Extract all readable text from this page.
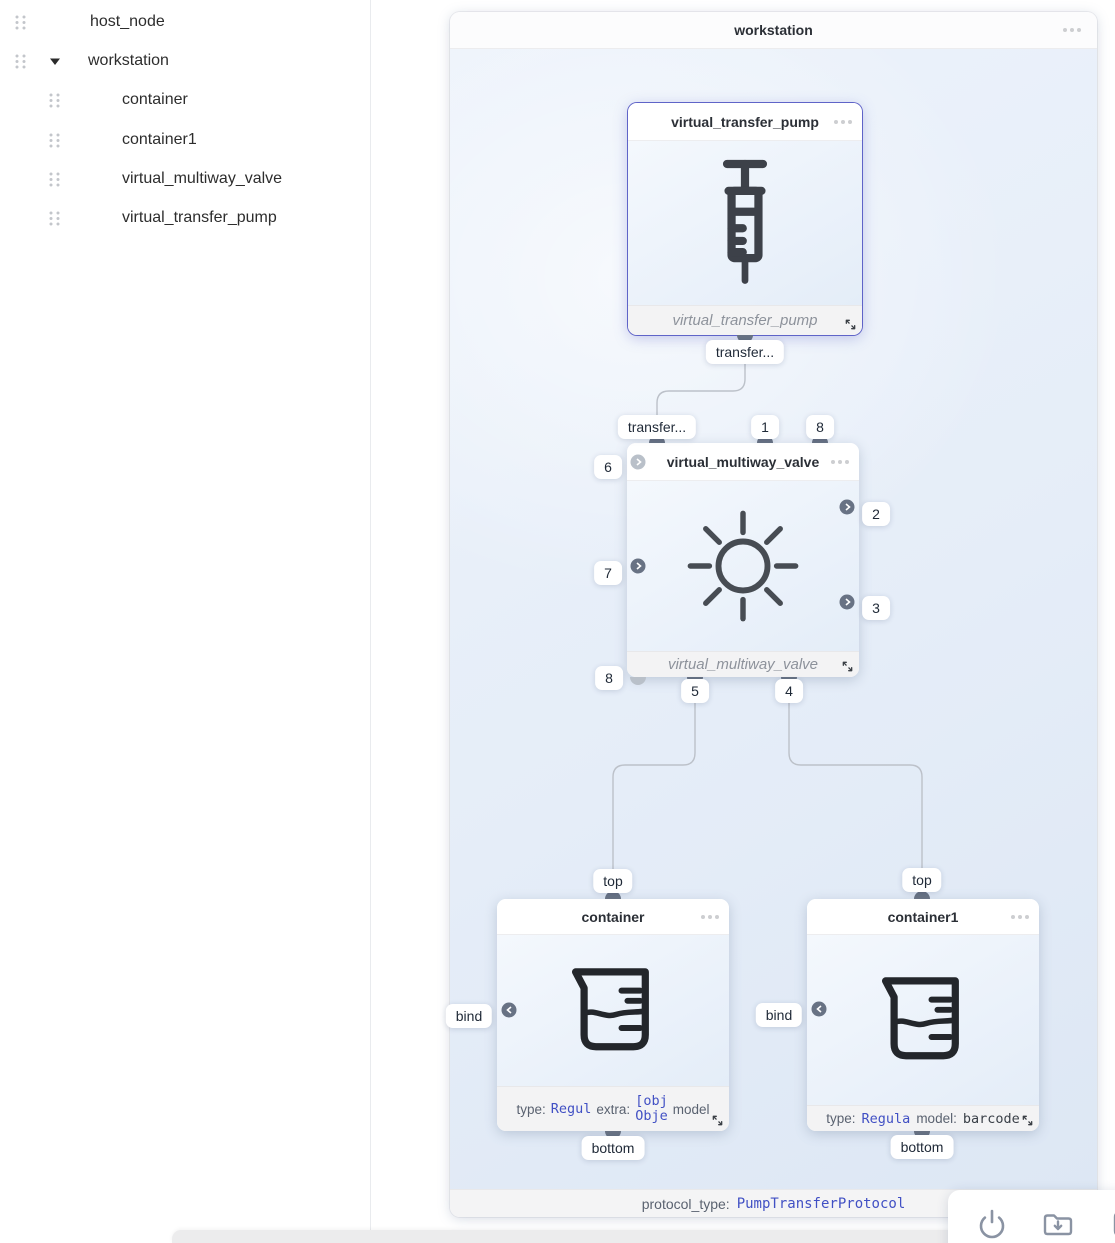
host_node
workstation
container
container1
virtual_multiway_valve
virtual_transfer_pump
workstation
virtual_transfer_pump
virtual_transfer_pump
transfer...
virtual_multiway_valve
virtual_multiway_valve
transfer...	1	8
6
7
8
2
3
5	4
container
type: Regul extra: [obj
Obje model
top
bind
bottom
container1
type: Regula model: barcode
top
bind
bottom
protocol_type: PumpTransferProtocol
